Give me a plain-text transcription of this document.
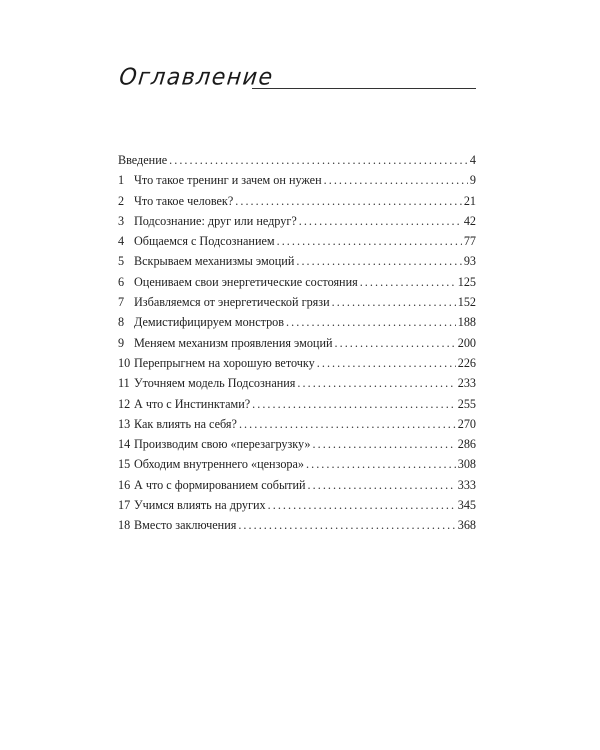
Оглавление
Введение . . .	4
1 Что такое тренинг и зачем он нужен . . .	9
2 Что такое человек? . . .	21
3 Подсознание: друг или недруг? . . .	42
4 Общаемся с Подсознанием . . .	77
5 Вскрываем механизмы эмоций . . .	93
6 Оцениваем свои энергетические состояния . . .	125
7 Избавляемся от энергетической грязи . . .	152
8 Демистифицируем монстров . . .	188
9 Меняем механизм проявления эмоций . . .	200
10 Перепрыгнем на хорошую веточку . . .	226
11 Уточняем модель Подсознания . . .	233
12 А что с Инстинктами? . . .	255
13 Как влиять на себя? . . .	270
14 Производим свою «перезагрузку» . . .	286
15 Обходим внутреннего «цензора» . . .	308
16 А что с формированием событий . . .	333
17 Учимся влиять на других . . .	345
18 Вместо заключения . . .	368
